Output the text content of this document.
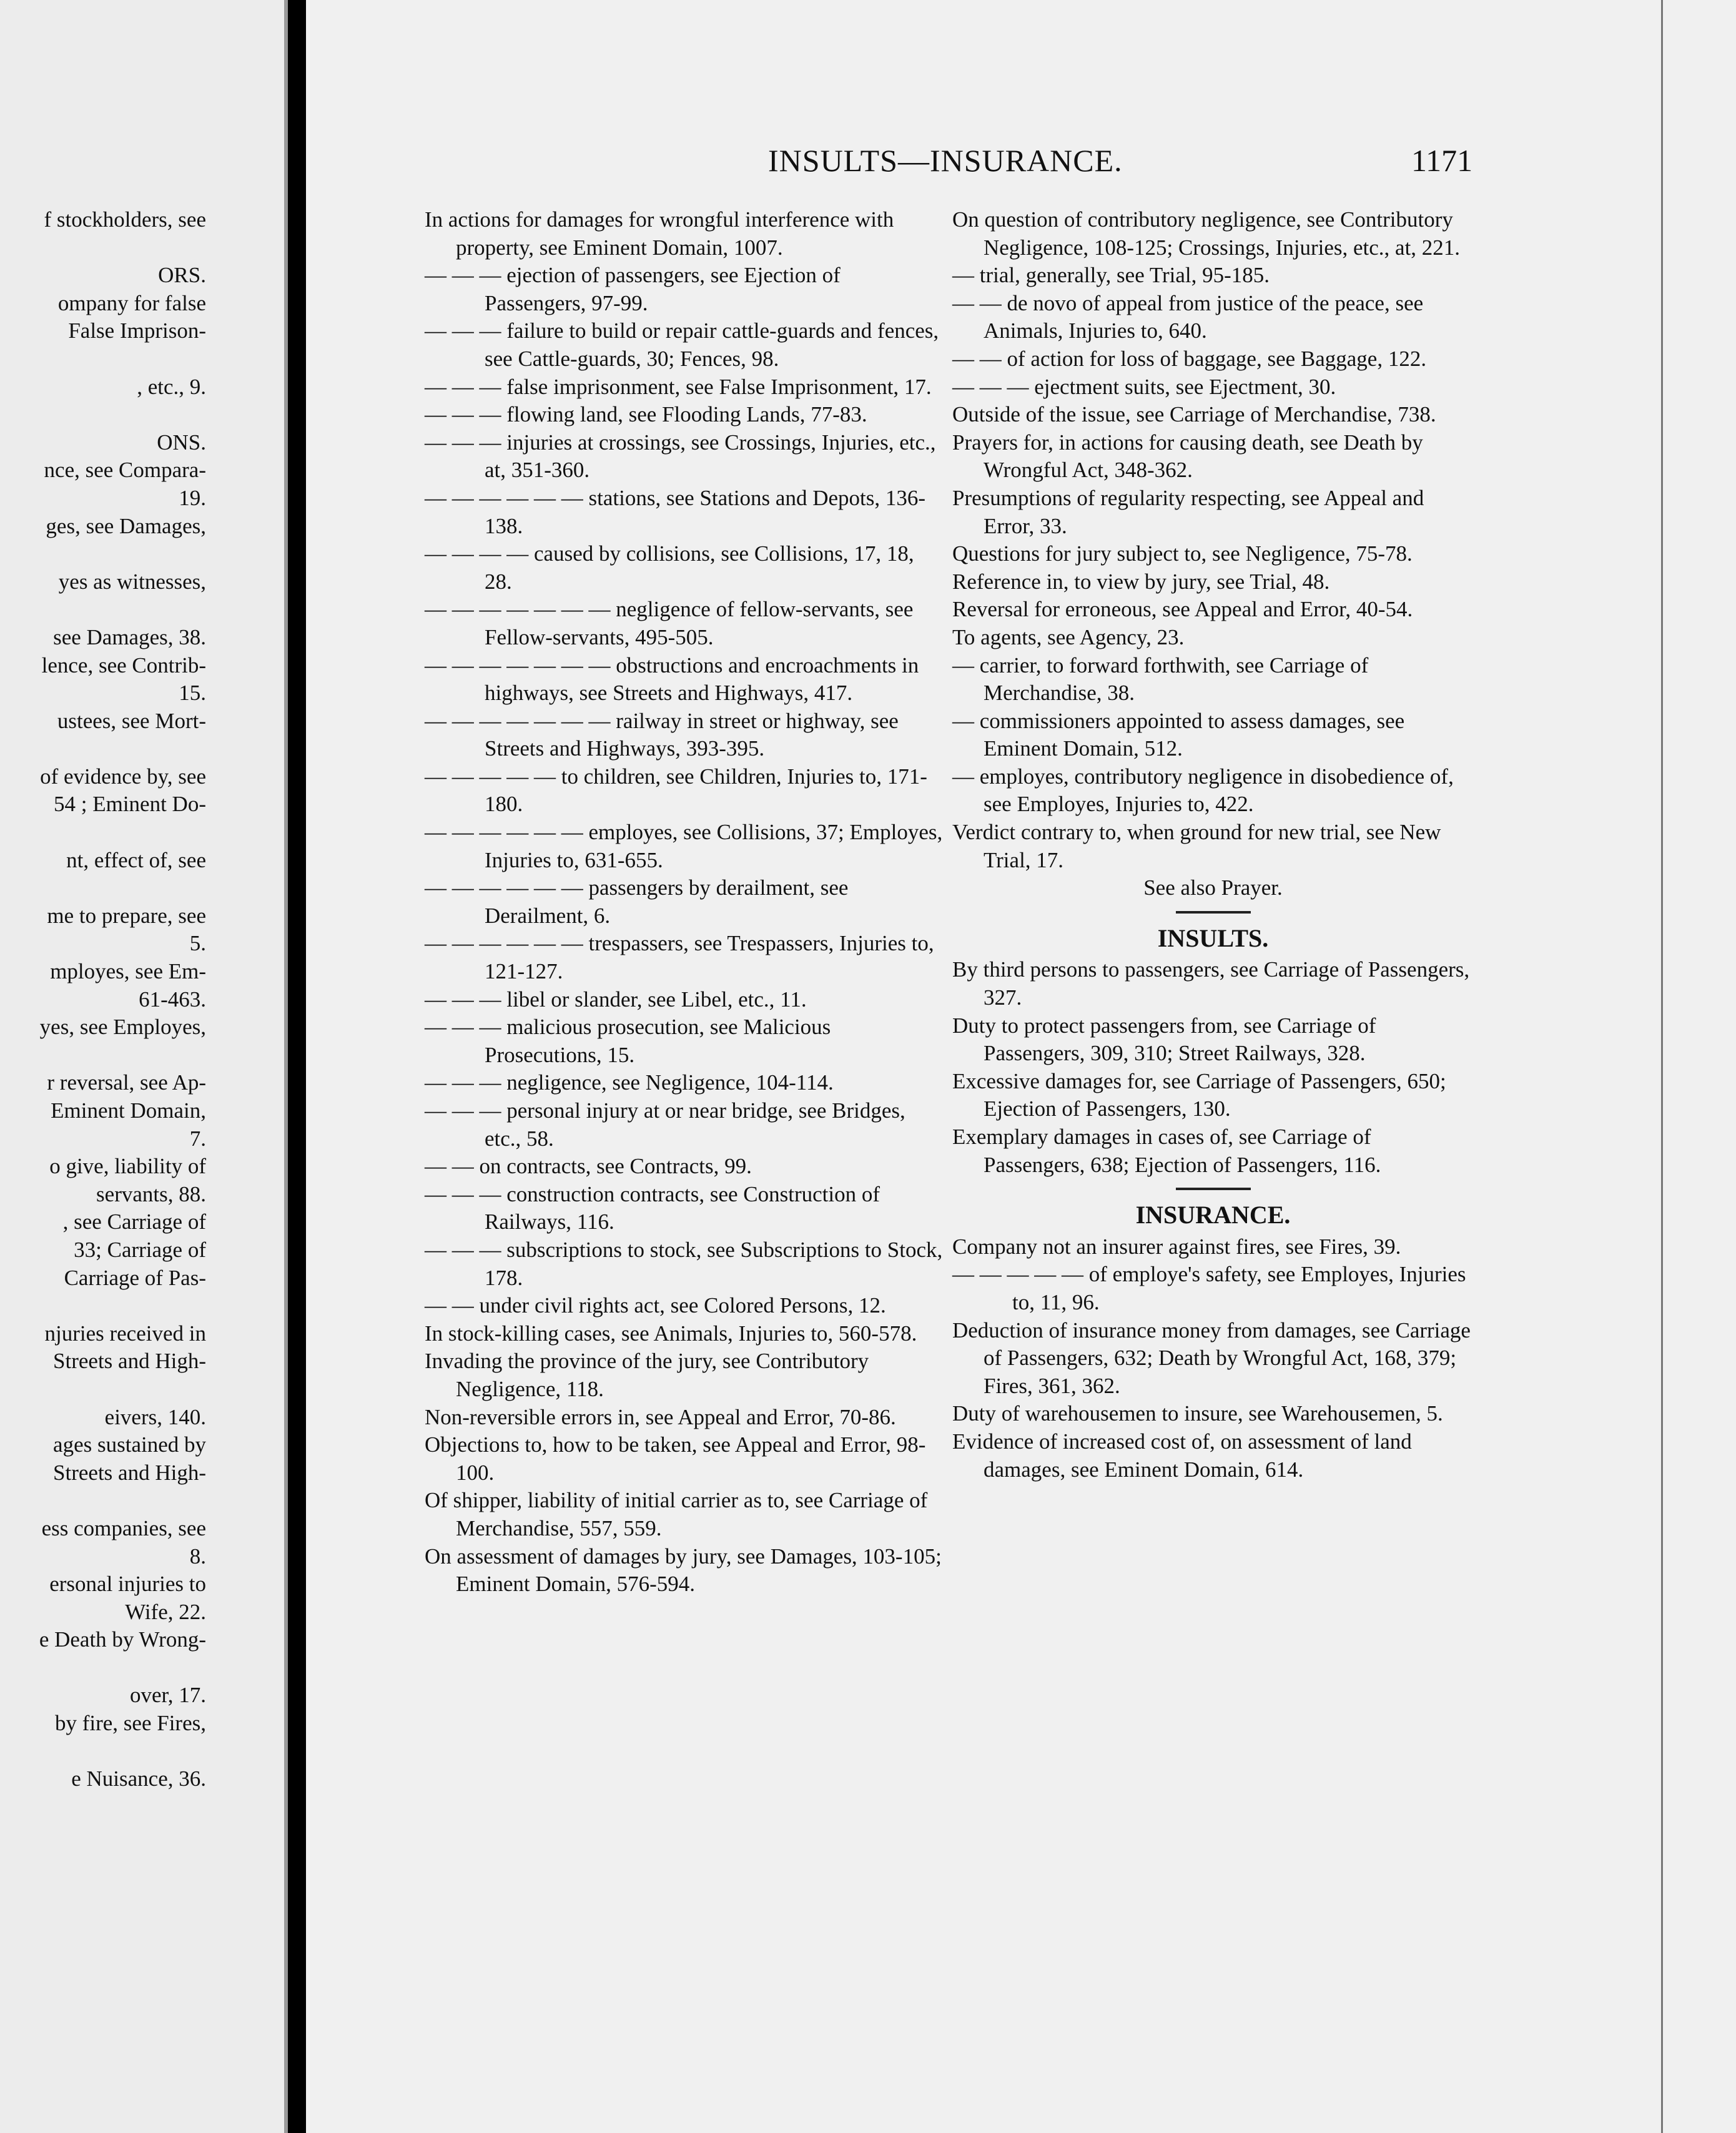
f stockholders, see

ORS.

ompany for false

False Imprison-

, etc., 9.

ONS.

nce, see Compara-

19.

ges, see Damages,

yes as witnesses,

see Damages, 38.

lence, see Contrib-

15.

ustees, see Mort-

of evidence by, see

54 ; Eminent Do-

nt, effect of, see

me to prepare, see

5.

mployes, see Em-

61-463.

yes, see Employes,

r reversal, see Ap-

Eminent Domain,

7.

o give, liability of

servants, 88.

, see Carriage of

33; Carriage of

Carriage of Pas-

njuries received in

Streets and High-

eivers, 140.

ages sustained by

Streets and High-

ess companies, see

8.

ersonal injuries to

Wife, 22.

e Death by Wrong-

over, 17.

by fire, see Fires,

e Nuisance, 36.

INSULTS—INSURANCE.	1171

In actions for damages for wrongful interference with property, see Eminent Domain, 1007.

— — — ejection of passengers, see Ejection of Passengers, 97-99.

— — — failure to build or repair cattle-guards and fences, see Cattle-guards, 30; Fences, 98.

— — — false imprisonment, see False Imprisonment, 17.

— — — flowing land, see Flooding Lands, 77-83.

— — — injuries at crossings, see Crossings, Injuries, etc., at, 351-360.

— — — — — — stations, see Stations and Depots, 136-138.

— — — — caused by collisions, see Collisions, 17, 18, 28.

— — — — — — — negligence of fellow-servants, see Fellow-servants, 495-505.

— — — — — — — obstructions and encroachments in highways, see Streets and Highways, 417.

— — — — — — — railway in street or highway, see Streets and Highways, 393-395.

— — — — — to children, see Children, Injuries to, 171-180.

— — — — — — employes, see Collisions, 37; Employes, Injuries to, 631-655.

— — — — — — passengers by derailment, see Derailment, 6.

— — — — — — trespassers, see Trespassers, Injuries to, 121-127.

— — — libel or slander, see Libel, etc., 11.

— — — malicious prosecution, see Malicious Prosecutions, 15.

— — — negligence, see Negligence, 104-114.

— — — personal injury at or near bridge, see Bridges, etc., 58.

— — on contracts, see Contracts, 99.

— — — construction contracts, see Construction of Railways, 116.

— — — subscriptions to stock, see Subscriptions to Stock, 178.

— — under civil rights act, see Colored Persons, 12.

In stock-killing cases, see Animals, Injuries to, 560-578.

Invading the province of the jury, see Contributory Negligence, 118.

Non-reversible errors in, see Appeal and Error, 70-86.

Objections to, how to be taken, see Appeal and Error, 98-100.

Of shipper, liability of initial carrier as to, see Carriage of Merchandise, 557, 559.

On assessment of damages by jury, see Damages, 103-105; Eminent Domain, 576-594.

On question of contributory negligence, see Contributory Negligence, 108-125; Crossings, Injuries, etc., at, 221.

— trial, generally, see Trial, 95-185.

— — de novo of appeal from justice of the peace, see Animals, Injuries to, 640.

— — of action for loss of baggage, see Baggage, 122.

— — — ejectment suits, see Ejectment, 30.

Outside of the issue, see Carriage of Merchandise, 738.

Prayers for, in actions for causing death, see Death by Wrongful Act, 348-362.

Presumptions of regularity respecting, see Appeal and Error, 33.

Questions for jury subject to, see Negligence, 75-78.

Reference in, to view by jury, see Trial, 48.

Reversal for erroneous, see Appeal and Error, 40-54.

To agents, see Agency, 23.

— carrier, to forward forthwith, see Carriage of Merchandise, 38.

— commissioners appointed to assess damages, see Eminent Domain, 512.

— employes, contributory negligence in disobedience of, see Employes, Injuries to, 422.

Verdict contrary to, when ground for new trial, see New Trial, 17.

See also Prayer.

INSULTS.

By third persons to passengers, see Carriage of Passengers, 327.

Duty to protect passengers from, see Carriage of Passengers, 309, 310; Street Railways, 328.

Excessive damages for, see Carriage of Passengers, 650; Ejection of Passengers, 130.

Exemplary damages in cases of, see Carriage of Passengers, 638; Ejection of Passengers, 116.

INSURANCE.

Company not an insurer against fires, see Fires, 39.

— — — — — of employe's safety, see Employes, Injuries to, 11, 96.

Deduction of insurance money from damages, see Carriage of Passengers, 632; Death by Wrongful Act, 168, 379; Fires, 361, 362.

Duty of warehousemen to insure, see Warehousemen, 5.

Evidence of increased cost of, on assessment of land damages, see Eminent Domain, 614.
